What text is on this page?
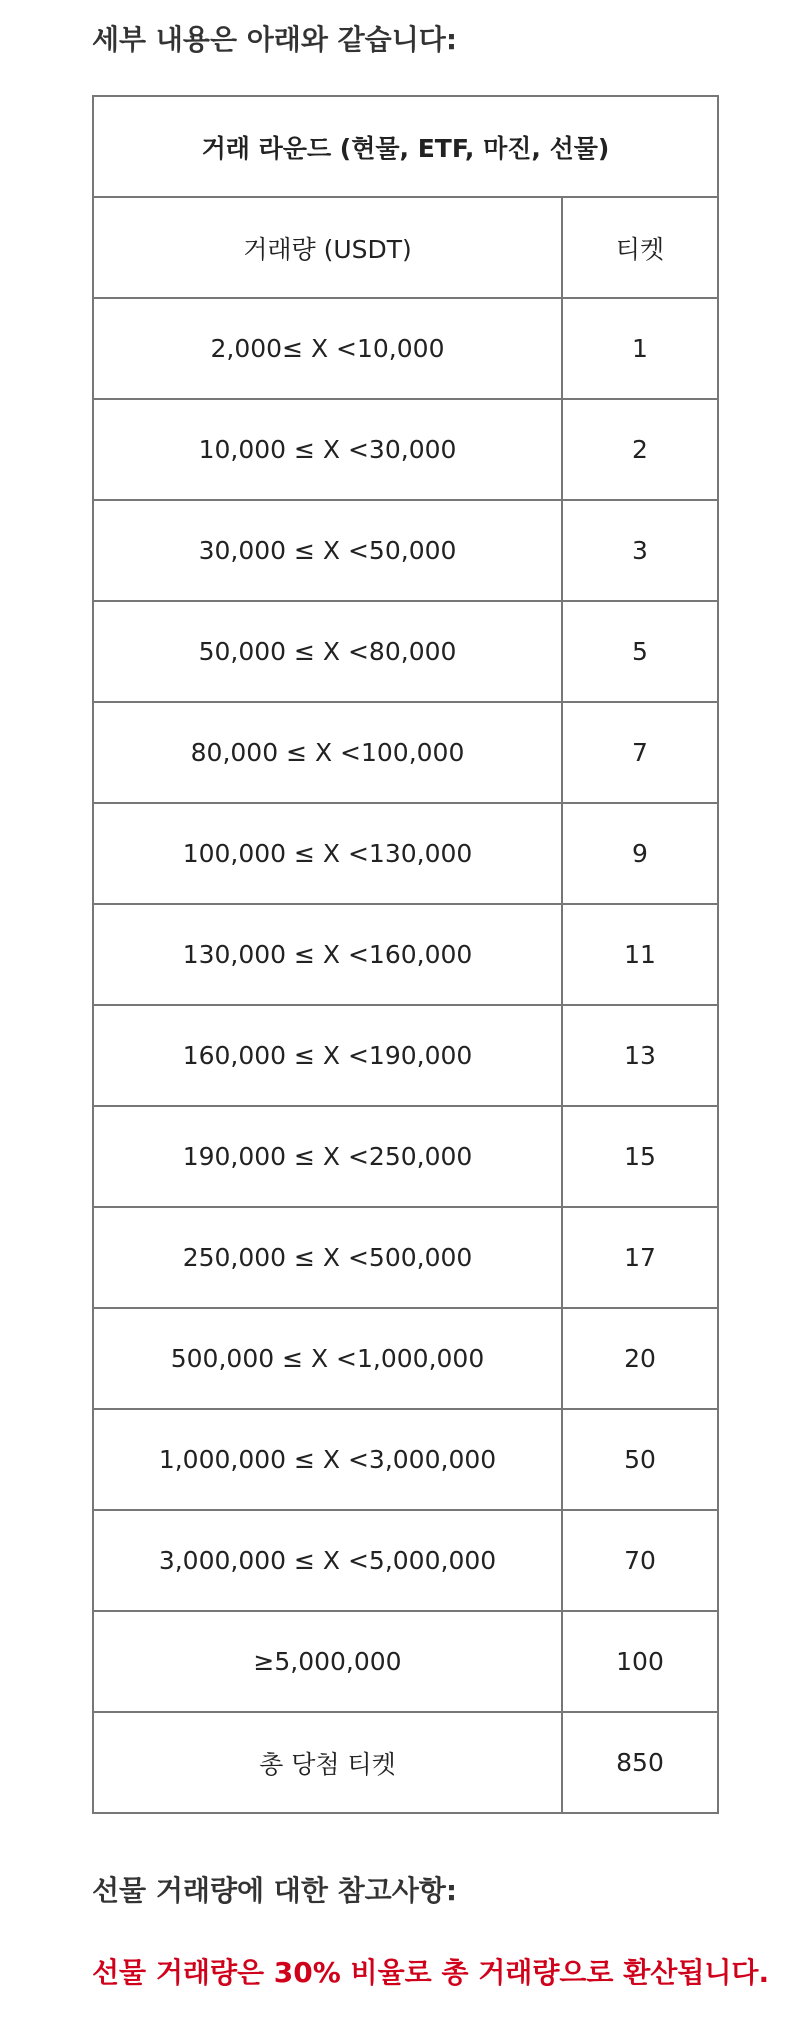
세부 내용은 아래와 같습니다:

거래 라운드 (현물, ETF, 마진, 선물)	
거래량 (USDT)	티켓
2,000≤ X <10,000	1
10,000 ≤ X <30,000	2
30,000 ≤ X <50,000	3
50,000 ≤ X <80,000	5
80,000 ≤ X <100,000	7
100,000 ≤ X <130,000	9
130,000 ≤ X <160,000	11
160,000 ≤ X <190,000	13
190,000 ≤ X <250,000	15
250,000 ≤ X <500,000	17
500,000 ≤ X <1,000,000	20
1,000,000 ≤ X <3,000,000	50
3,000,000 ≤ X <5,000,000	70
≥5,000,000	100
총 당첨 티켓	850

선물 거래량에 대한 참고사항:

선물 거래량은 30% 비율로 총 거래량으로 환산됩니다.
